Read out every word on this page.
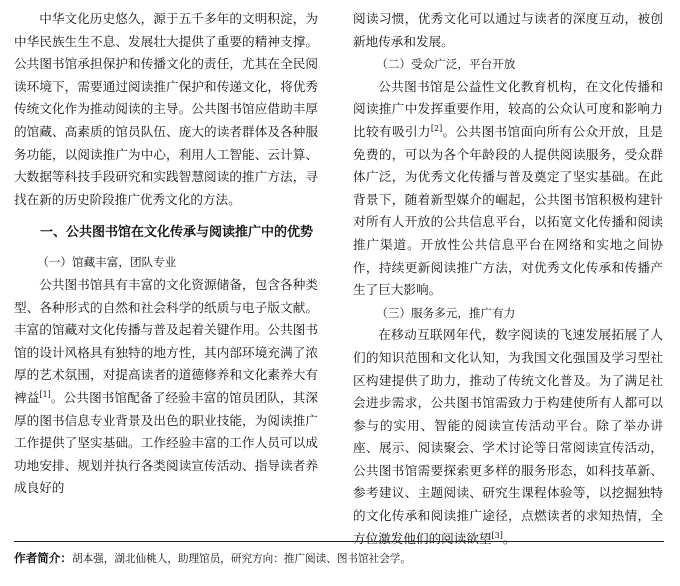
中华文化历史悠久，源于五千多年的文明积淀，为中华民族生生不息、发展壮大提供了重要的精神支撑。公共图书馆承担保护和传播文化的责任，尤其在全民阅读环境下，需要通过阅读推广保护和传递文化，将优秀传统文化作为推动阅读的主导。公共图书馆应借助丰厚的馆藏、高素质的馆员队伍、庞大的读者群体及各种服务功能，以阅读推广为中心，利用人工智能、云计算、大数据等科技手段研究和实践智慧阅读的推广方法，寻找在新的历史阶段推广优秀文化的方法。

一、公共图书馆在文化传承与阅读推广中的优势
（一）馆藏丰富，团队专业

公共图书馆具有丰富的文化资源储备，包含各种类型、各种形式的自然和社会科学的纸质与电子版文献。丰富的馆藏对文化传播与普及起着关键作用。公共图书馆的设计风格具有独特的地方性，其内部环境充满了浓厚的艺术氛围，对提高读者的道德修养和文化素养大有裨益[1]。公共图书馆配备了经验丰富的馆员团队，其深厚的图书信息专业背景及出色的职业技能，为阅读推广工作提供了坚实基础。工作经验丰富的工作人员可以成功地安排、规划并执行各类阅读宣传活动、指导读者养成良好的

阅读习惯，优秀文化可以通过与读者的深度互动，被创新地传承和发展。

（二）受众广泛，平台开放

公共图书馆是公益性文化教育机构，在文化传播和阅读推广中发挥重要作用，较高的公众认可度和影响力比较有吸引力[2]。公共图书馆面向所有公众开放，且是免费的，可以为各个年龄段的人提供阅读服务，受众群体广泛，为优秀文化传播与普及奠定了坚实基础。在此背景下，随着新型媒介的崛起，公共图书馆积极构建针对所有人开放的公共信息平台，以拓宽文化传播和阅读推广渠道。开放性公共信息平台在网络和实地之间协作，持续更新阅读推广方法，对优秀文化传承和传播产生了巨大影响。

（三）服务多元，推广有力

在移动互联网年代，数字阅读的飞速发展拓展了人们的知识范围和文化认知，为我国文化强国及学习型社区构建提供了助力，推动了传统文化普及。为了满足社会进步需求，公共图书馆需致力于构建使所有人都可以参与的实用、智能的阅读宣传活动平台。除了举办讲座、展示、阅读聚会、学术讨论等日常阅读宣传活动，公共图书馆需要探索更多样的服务形态，如科技革新、参考建议、主题阅读、研究生课程体验等，以挖掘独特的文化传承和阅读推广途径，点燃读者的求知热情，全方位激发他们的阅读欲望[3]。

作者简介：胡本强，湖北仙桃人，助理馆员，研究方向：推广阅读、图书馆社会学。
